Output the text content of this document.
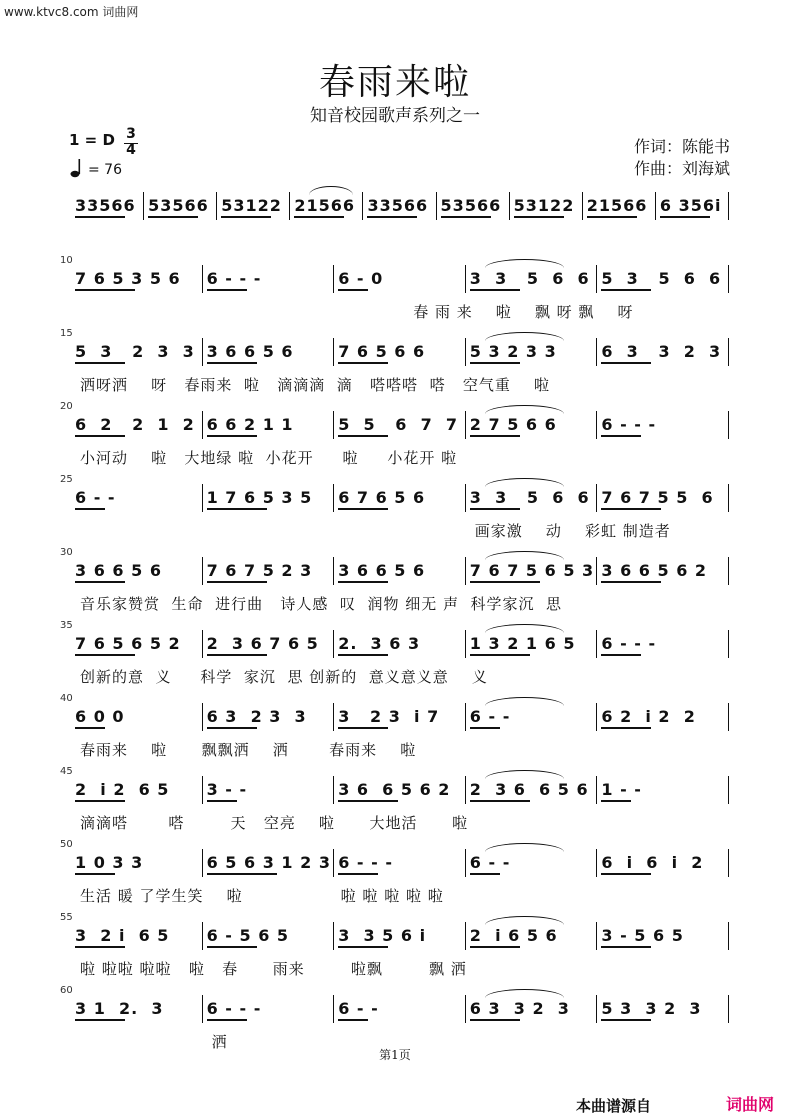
www.ktvc8.com 词曲网
春雨来啦
知音校园歌声系列之一
1 = D 3
4
= 76
作词：陈能书
作曲：刘海斌
33566 53566 53122 21566 33566 53566 53122 21566 6 356i
10
7 6 5 3 5 6	6 - - -	6 - 0	3  3   5  6  6 5  3   5  6  6
春 雨 来    啦    飘 呀 飘    呀
15
5  3   2  3  3 3 6 6 5 6	7 6 5 6 6	5 3 2 3 3	6  3   3  2  3
洒呀洒    呀   春雨来  啦   滴滴滴  滴   嗒嗒嗒  嗒   空气重    啦
20
6  2   2  1  2 6 6 2 1 1	5  5   6  7  7 2 7 5 6 6	6 - - -
小河动    啦   大地绿 啦  小花开     啦     小花开 啦
25
6 - -	1 7 6 5 3 5	6 7 6 5 6	3  3   5  6  6 7 6 7 5 5  6
画家激    动    彩虹 制造者
30
3 6 6 5 6	7 6 7 5 2 3	3 6 6 5 6	7 6 7 5 6 5 3 3 6 6 5 6 2
音乐家赞赏  生命  进行曲   诗人感  叹  润物 细无 声  科学家沉  思
35
7 6 5 6 5 2	2  3 6 7 6 5	2.  3 6 3	1 3 2 1 6 5	6 - - -
创新的意  义     科学  家沉  思 创新的  意义意义意    义
40
6 0 0	6 3  2 3  3	3   2 3  i 7	6 - -	6 2  i 2  2
春雨来    啦      飘飘洒    洒       春雨来    啦
45
2  i 2  6 5	3 - -	3 6  6 5 6 2	2  3 6  6 5 6 1 - -
滴滴嗒       嗒        天   空亮    啦      大地活      啦
50
1 0 3 3	6 5 6 3 1 2 3 6 - - -	6 - -	6  i  6  i  2
生活 暖 了学生笑    啦                 啦 啦 啦 啦 啦
55
3  2 i  6 5	6 - 5 6 5	3  3 5 6 i	2  i 6 5 6	3 - 5 6 5
啦 啦啦 啦啦   啦   春      雨来        啦飘        飘 洒
60
3 1  2.  3	6 - - -	6 - -	6 3  3 2  3	5 3  3 2  3
洒
第1页
本曲谱源自	词曲网
